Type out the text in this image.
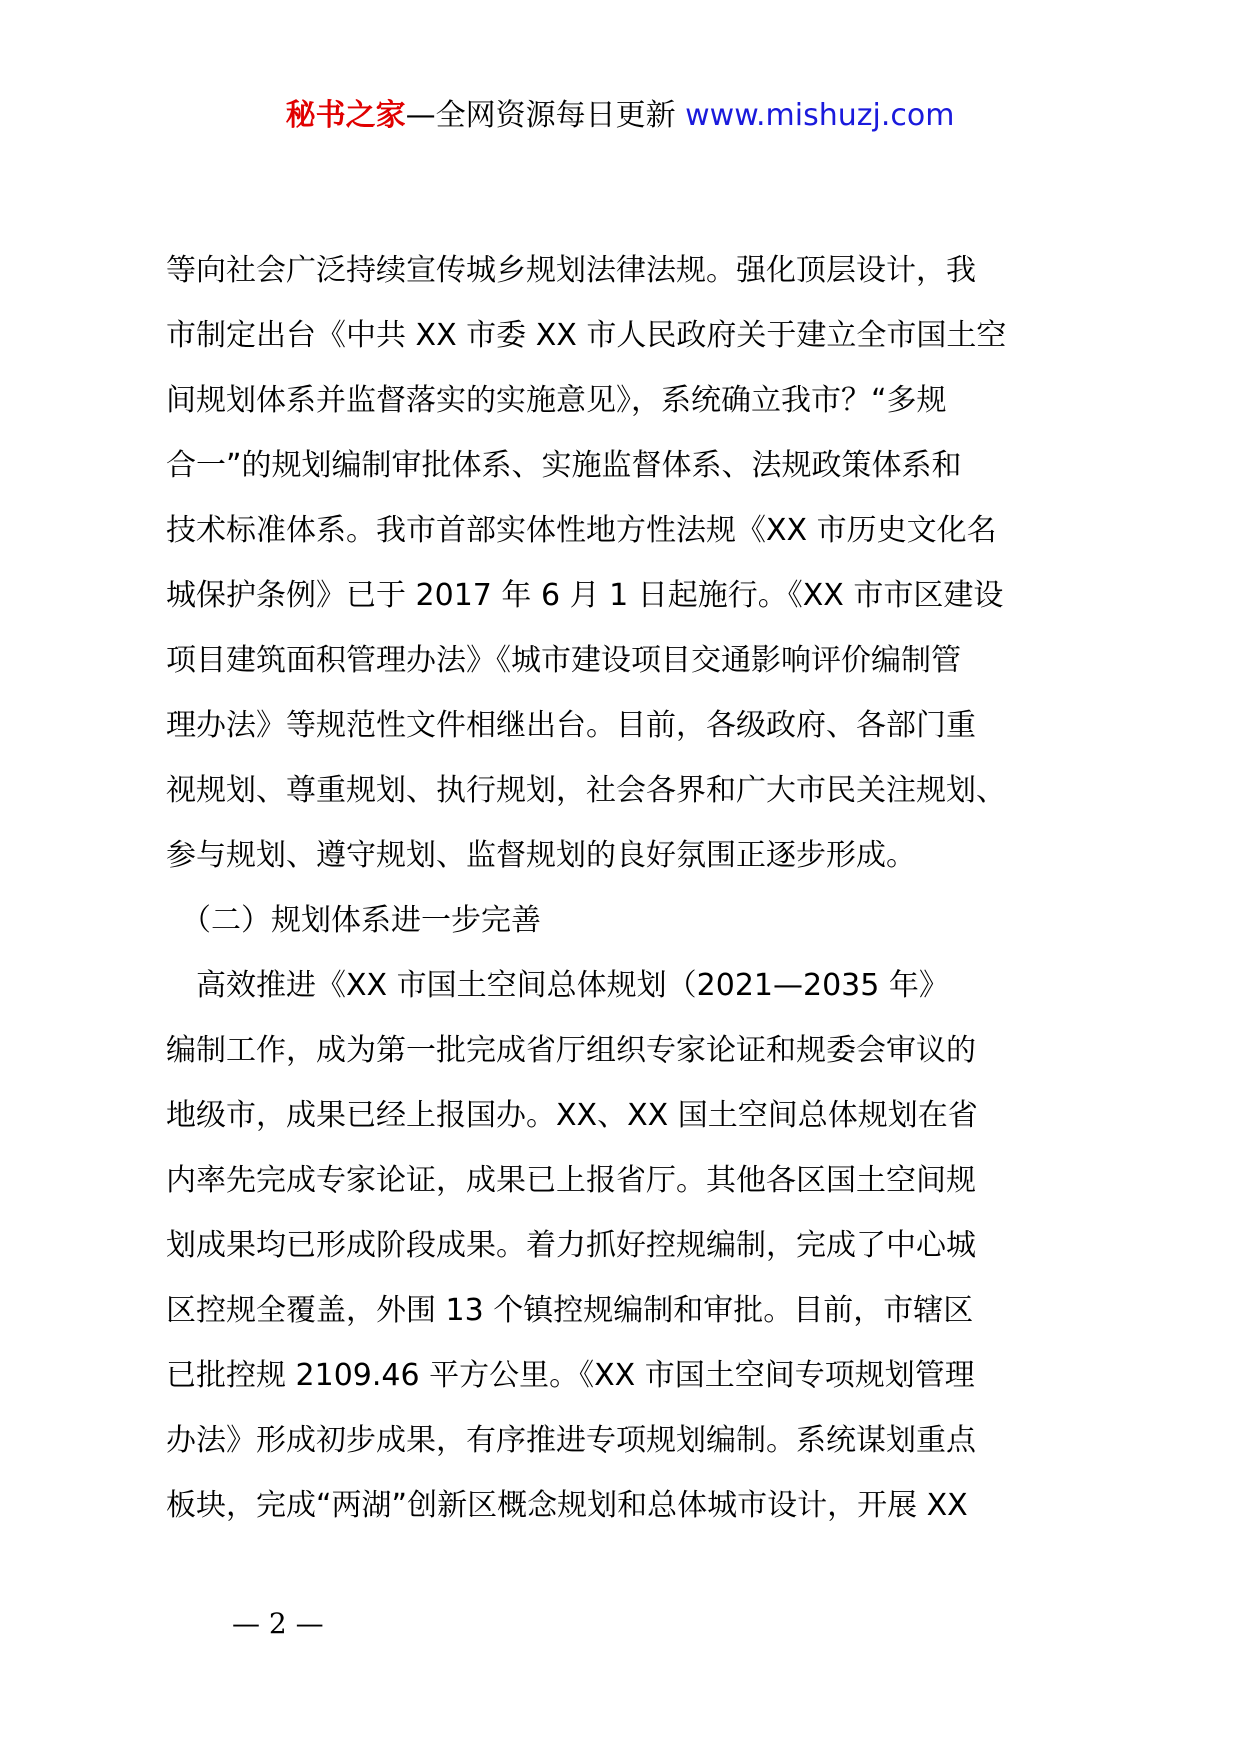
秘书之家—全网资源每日更新 www.mishuzj.com
等向社会广泛持续宣传城乡规划法律法规。强化顶层设计，我
市制定出台《中共 XX 市委 XX 市人民政府关于建立全市国土空
间规划体系并监督落实的实施意见》，系统确立我市？“多规
合一”的规划编制审批体系、实施监督体系、法规政策体系和
技术标准体系。我市首部实体性地方性法规《XX 市历史文化名
城保护条例》已于 2017 年 6 月 1 日起施行。《XX 市市区建设
项目建筑面积管理办法》《城市建设项目交通影响评价编制管
理办法》等规范性文件相继出台。目前，各级政府、各部门重
视规划、尊重规划、执行规划，社会各界和广大市民关注规划、
参与规划、遵守规划、监督规划的良好氛围正逐步形成。
　（二）规划体系进一步完善
　高效推进《XX 市国土空间总体规划（2021—2035 年》
编制工作，成为第一批完成省厅组织专家论证和规委会审议的
地级市，成果已经上报国办。XX、XX 国土空间总体规划在省
内率先完成专家论证，成果已上报省厅。其他各区国土空间规
划成果均已形成阶段成果。着力抓好控规编制，完成了中心城
区控规全覆盖，外围 13 个镇控规编制和审批。目前，市辖区
已批控规 2109.46 平方公里。《XX 市国土空间专项规划管理
办法》形成初步成果，有序推进专项规划编制。系统谋划重点
板块，完成“两湖”创新区概念规划和总体城市设计，开展 XX
— 2 —
